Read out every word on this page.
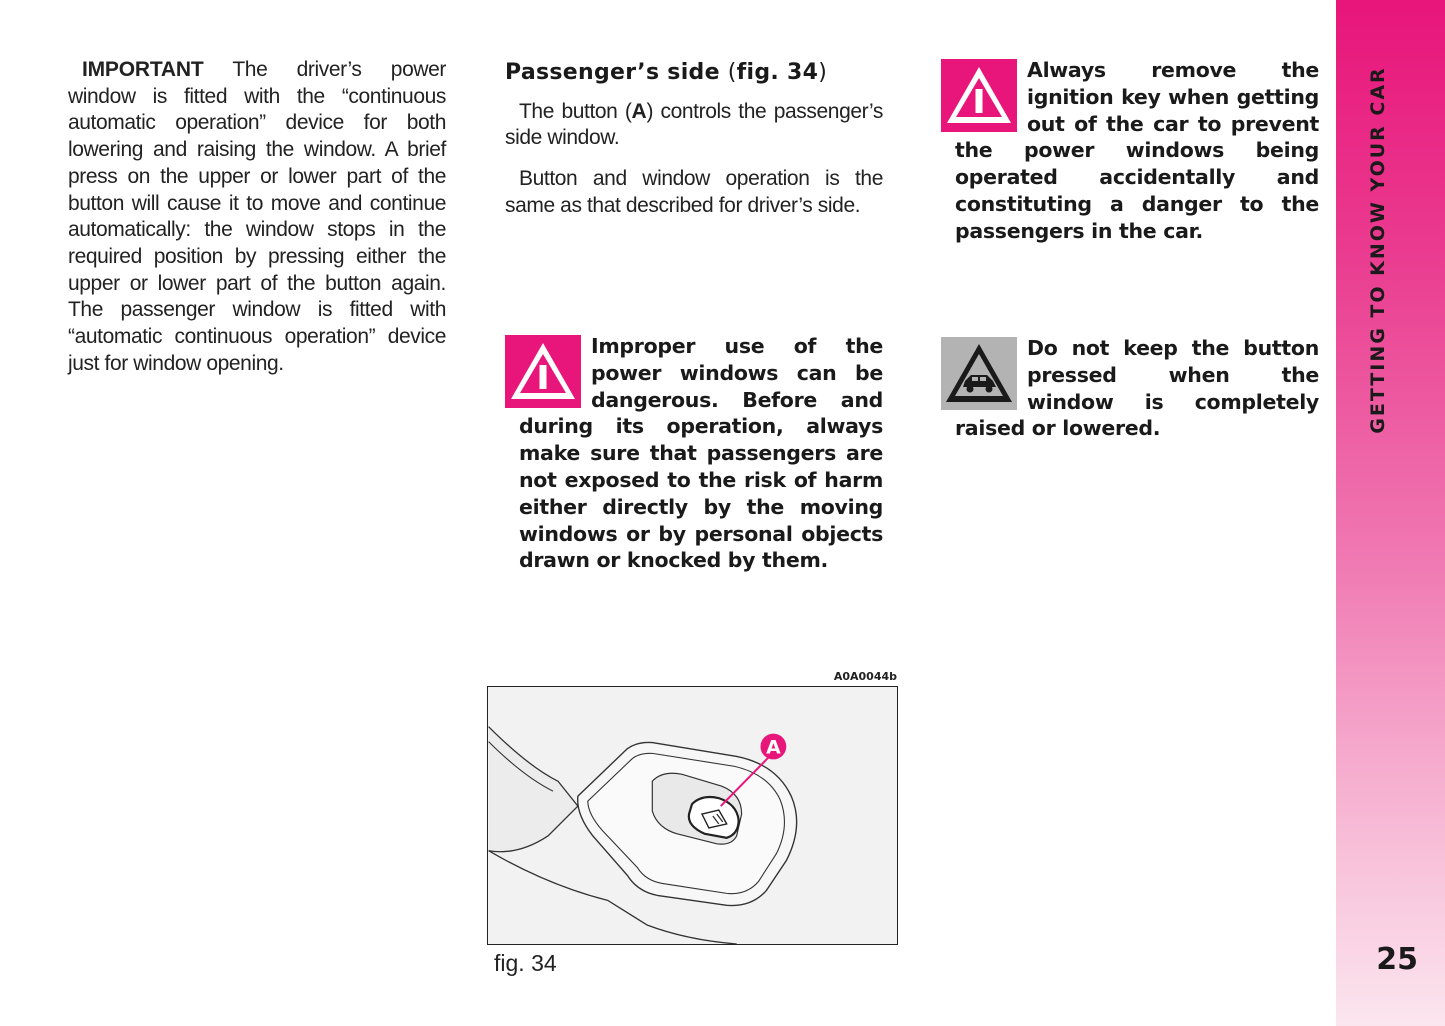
IMPORTANT The driver’s power window is fitted with the “continuous automatic operation” device for both lowering and raising the window. A brief press on the upper or lower part of the button will cause it to move and continue automatically: the window stops in the required position by pressing either the upper or lower part of the button again. The passenger window is fitted with “automatic continuous operation” device just for window opening.

Passenger’s side (fig. 34)

The button (A) controls the passenger’s side window.

Button and window operation is the same as that described for driver’s side.

Improper use of the power windows can be dangerous. Before and during its operation, always make sure that passengers are not exposed to the risk of harm either directly by the moving windows or by personal objects drawn or knocked by them.
Always remove the ignition key when getting out of the car to prevent the power windows being operated accidentally and constituting a danger to the passengers in the car.
Do not keep the button pressed when the window is completely raised or lowered.
A0A0044b
A
fig. 34
GETTING TO KNOW YOUR CAR
25
